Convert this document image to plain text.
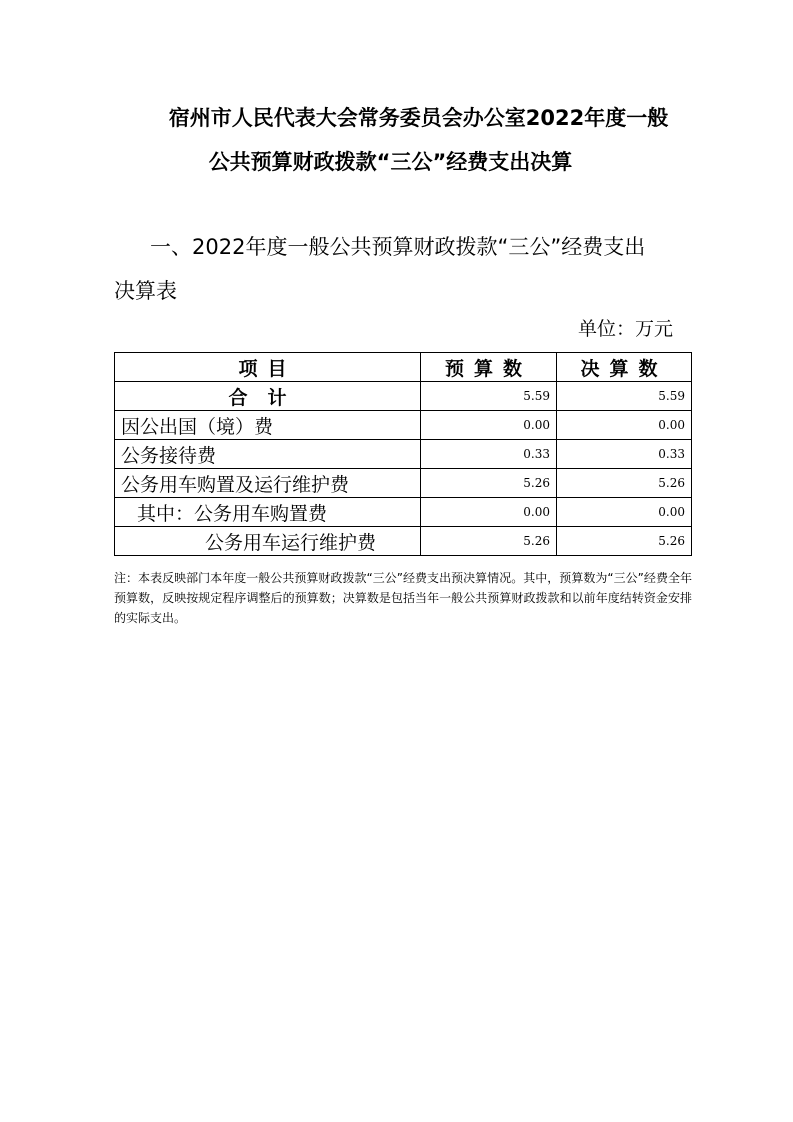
宿州市人民代表大会常务委员会办公室2022年度一般
公共预算财政拨款“三公”经费支出决算
一、2022年度一般公共预算财政拨款“三公”经费支出
决算表
单位：万元
项目	预算数	决算数
合计	5.59	5.59
因公出国（境）费	0.00	0.00
公务接待费	0.33	0.33
公务用车购置及运行维护费	5.26	5.26
其中：公务用车购置费	0.00	0.00
公务用车运行维护费	5.26	5.26
注：本表反映部门本年度一般公共预算财政拨款“三公”经费支出预决算情况。其中，预算数为“三公”经费全年预算数，反映按规定程序调整后的预算数；决算数是包括当年一般公共预算财政拨款和以前年度结转资金安排的实际支出。
